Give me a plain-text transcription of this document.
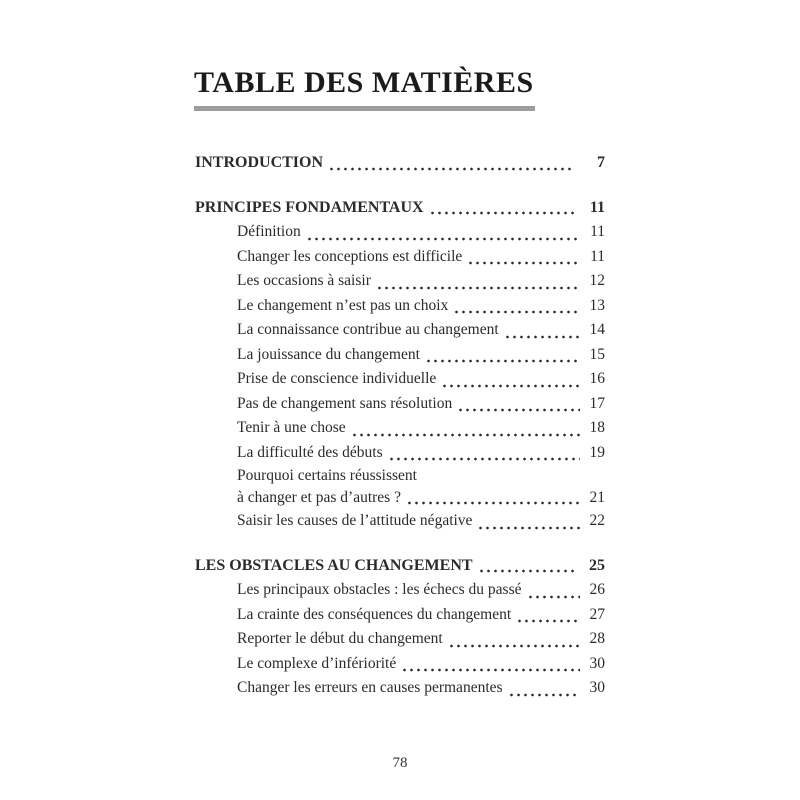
TABLE DES MATIÈRES
INTRODUCTION	7
PRINCIPES FONDAMENTAUX	11
Définition	11
Changer les conceptions est difficile	11
Les occasions à saisir	12
Le changement n’est pas un choix	13
La connaissance contribue au changement	14
La jouissance du changement	15
Prise de conscience individuelle	16
Pas de changement sans résolution	17
Tenir à une chose	18
La difficulté des débuts	19
Pourquoi certains réussissent
à changer et pas d’autres ?	21
Saisir les causes de l’attitude négative	22
LES OBSTACLES AU CHANGEMENT	25
Les principaux obstacles : les échecs du passé	26
La crainte des conséquences du changement	27
Reporter le début du changement	28
Le complexe d’infériorité	30
Changer les erreurs en causes permanentes	30
78
